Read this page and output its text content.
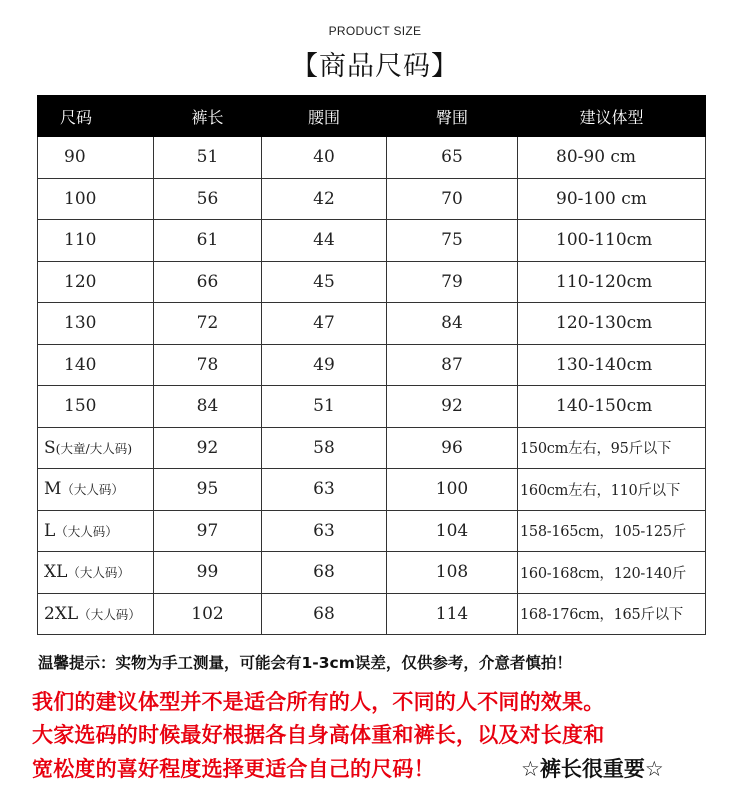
PRODUCT SIZE
【商品尺码】
尺码	裤长	腰围	臀围	建议体型
90	51	40	65	80-90 cm
100	56	42	70	90-100 cm
110	61	44	75	100-110cm
120	66	45	79	110-120cm
130	72	47	84	120-130cm
140	78	49	87	130-140cm
150	84	51	92	140-150cm
S(大童/大人码)	92	58	96	150cm左右，95斤以下
M（大人码）	95	63	100	160cm左右，110斤以下
L（大人码）	97	63	104	158-165cm，105-125斤
XL（大人码）	99	68	108	160-168cm，120-140斤
2XL（大人码）	102	68	114	168-176cm，165斤以下
温馨提示：实物为手工测量，可能会有1-3cm误差，仅供参考，介意者慎拍！
我们的建议体型并不是适合所有的人，不同的人不同的效果。
大家选码的时候最好根据各自身高体重和裤长，以及对长度和
宽松度的喜好程度选择更适合自己的尺码！	☆裤长很重要☆
